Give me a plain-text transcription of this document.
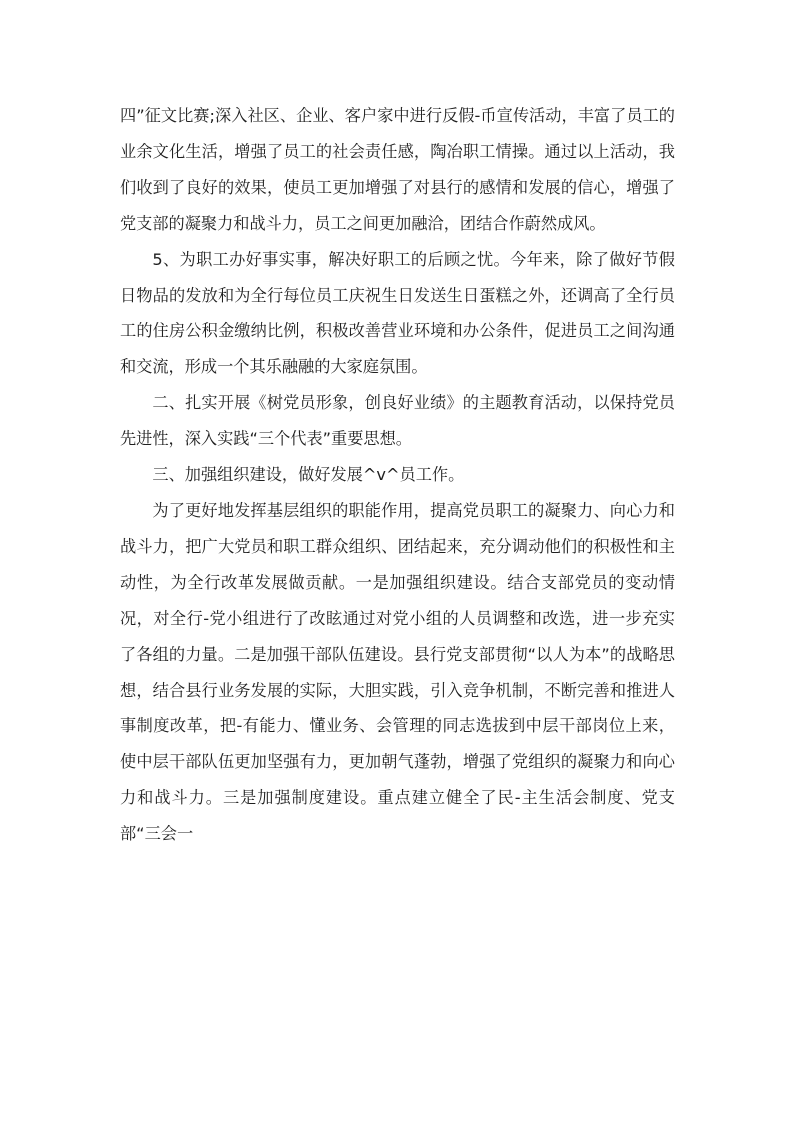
四”征文比赛;深入社区、企业、客户家中进行反假-币宣传活动，丰富了员工的业余文化生活，增强了员工的社会责任感，陶冶职工情操。通过以上活动，我们收到了良好的效果，使员工更加增强了对县行的感情和发展的信心，增强了党支部的凝聚力和战斗力，员工之间更加融洽，团结合作蔚然成风。

5、为职工办好事实事，解决好职工的后顾之忧。今年来，除了做好节假日物品的发放和为全行每位员工庆祝生日发送生日蛋糕之外，还调高了全行员工的住房公积金缴纳比例，积极改善营业环境和办公条件，促进员工之间沟通和交流，形成一个其乐融融的大家庭氛围。

二、扎实开展《树党员形象，创良好业绩》的主题教育活动，以保持党员先进性，深入实践“三个代表”重要思想。

三、加强组织建设，做好发展^v^员工作。

为了更好地发挥基层组织的职能作用，提高党员职工的凝聚力、向心力和战斗力，把广大党员和职工群众组织、团结起来，充分调动他们的积极性和主动性，为全行改革发展做贡献。一是加强组织建设。结合支部党员的变动情况，对全行-党小组进行了改眩通过对党小组的人员调整和改选，进一步充实了各组的力量。二是加强干部队伍建设。县行党支部贯彻“以人为本”的战略思想，结合县行业务发展的实际，大胆实践，引入竞争机制，不断完善和推进人事制度改革，把-有能力、懂业务、会管理的同志选拔到中层干部岗位上来，使中层干部队伍更加坚强有力，更加朝气蓬勃，增强了党组织的凝聚力和向心力和战斗力。三是加强制度建设。重点建立健全了民-主生活会制度、党支部“三会一
